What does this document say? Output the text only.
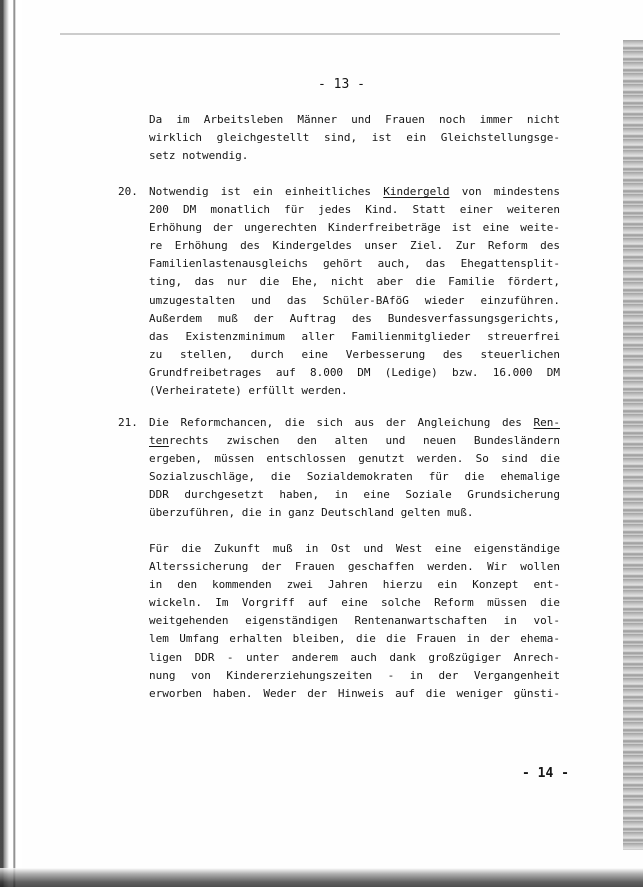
- 13 -
Da im Arbeitsleben Männer und Frauen noch immer nicht
wirklich gleichgestellt sind, ist ein Gleichstellungsge-
setz notwendig.
20. Notwendig ist ein einheitliches Kindergeld von mindestens
200 DM monatlich für jedes Kind. Statt einer weiteren
Erhöhung der ungerechten Kinderfreibeträge ist eine weite-
re Erhöhung des Kindergeldes unser Ziel. Zur Reform des
Familienlastenausgleichs gehört auch, das Ehegattensplit-
ting, das nur die Ehe, nicht aber die Familie fördert,
umzugestalten und das Schüler-BAföG wieder einzuführen.
Außerdem muß der Auftrag des Bundesverfassungsgerichts,
das Existenzminimum aller Familienmitglieder streuerfrei
zu stellen, durch eine Verbesserung des steuerlichen
Grundfreibetrages auf 8.000 DM (Ledige) bzw. 16.000 DM
(Verheiratete) erfüllt werden.
21. Die Reformchancen, die sich aus der Angleichung des Ren-
tenrechts zwischen den alten und neuen Bundesländern
ergeben, müssen entschlossen genutzt werden. So sind die
Sozialzuschläge, die Sozialdemokraten für die ehemalige
DDR durchgesetzt haben, in eine Soziale Grundsicherung
überzuführen, die in ganz Deutschland gelten muß.
Für die Zukunft muß in Ost und West eine eigenständige
Alterssicherung der Frauen geschaffen werden. Wir wollen
in den kommenden zwei Jahren hierzu ein Konzept ent-
wickeln. Im Vorgriff auf eine solche Reform müssen die
weitgehenden eigenständigen Rentenanwartschaften in vol-
lem Umfang erhalten bleiben, die die Frauen in der ehema-
ligen DDR - unter anderem auch dank großzügiger Anrech-
nung von Kindererziehungszeiten - in der Vergangenheit
erworben haben. Weder der Hinweis auf die weniger günsti-
- 14 -
